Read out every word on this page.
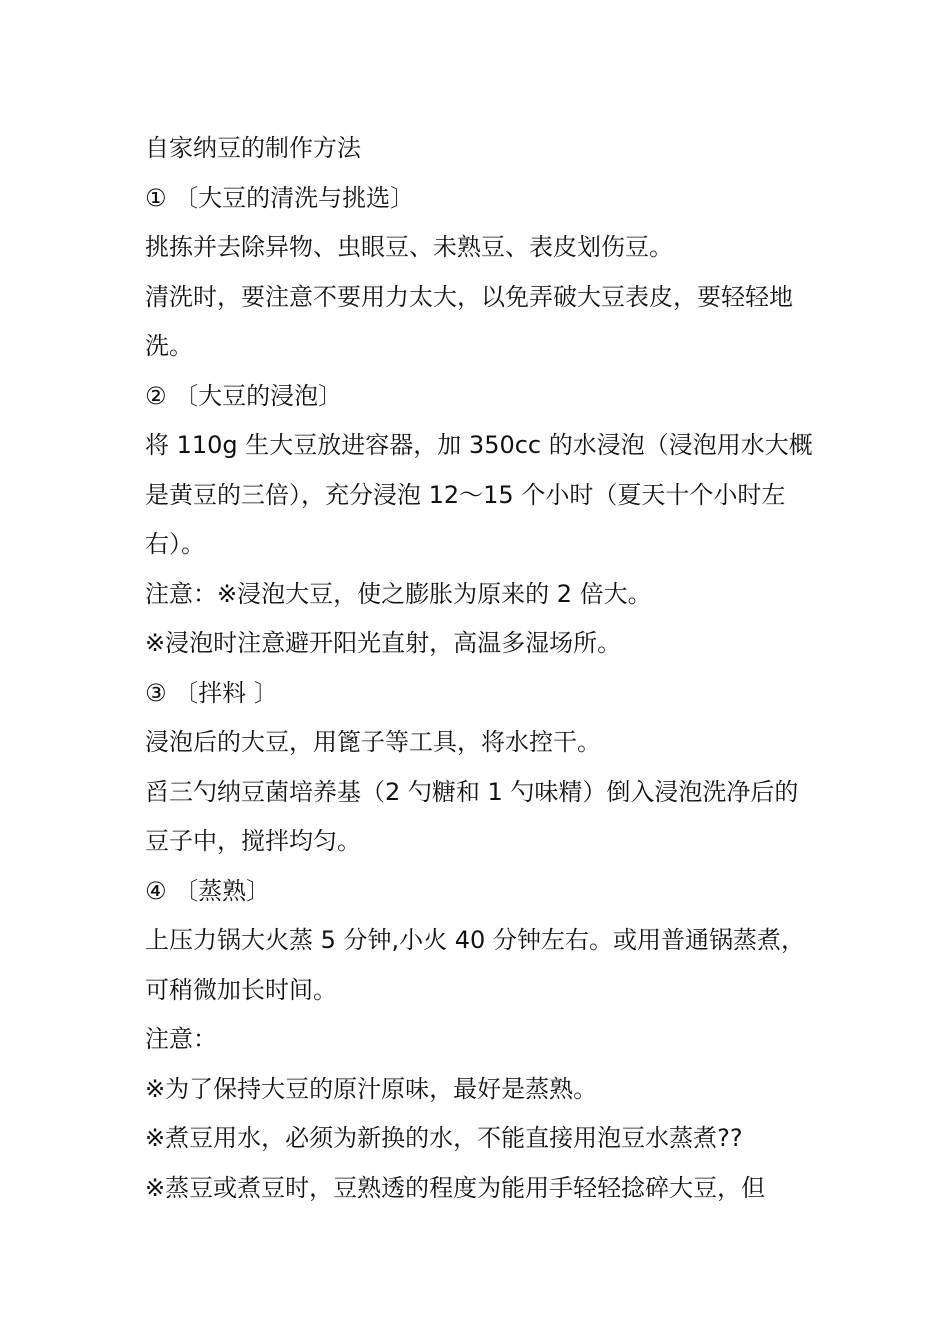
自家纳豆的制作方法
① 〔大豆的清洗与挑选〕
挑拣并去除异物、虫眼豆、未熟豆、表皮划伤豆。
清洗时，要注意不要用力太大，以免弄破大豆表皮，要轻轻地
洗。
② 〔大豆的浸泡〕
将 110g 生大豆放进容器，加 350cc 的水浸泡（浸泡用水大概
是黄豆的三倍），充分浸泡 12～15 个小时（夏天十个小时左
右）。
注意：※浸泡大豆，使之膨胀为原来的 2 倍大。
※浸泡时注意避开阳光直射，高温多湿场所。
③ 〔拌料 〕
浸泡后的大豆，用篦子等工具，将水控干。
舀三勺纳豆菌培养基（2 勺糖和 1 勺味精）倒入浸泡洗净后的
豆子中，搅拌均匀。
④ 〔蒸熟〕
上压力锅大火蒸 5 分钟,小火 40 分钟左右。或用普通锅蒸煮，
可稍微加长时间。
注意：
※为了保持大豆的原汁原味，最好是蒸熟。
※煮豆用水，必须为新换的水，不能直接用泡豆水蒸煮??
※蒸豆或煮豆时，豆熟透的程度为能用手轻轻捻碎大豆，但
